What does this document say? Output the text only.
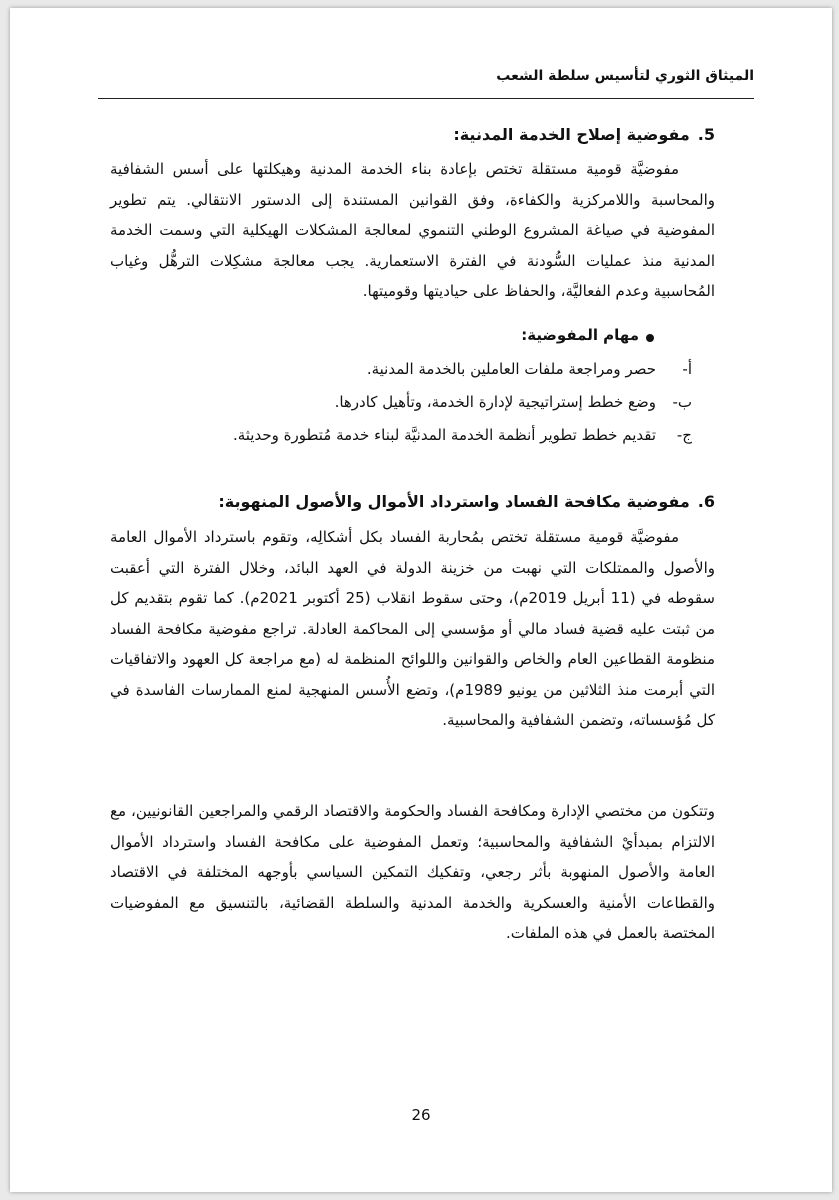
الميثاق الثوري لتأسيس سلطة الشعب
5.مفوضية إصلاح الخدمة المدنية:
مفوضيَّة قومية مستقلة تختص بإعادة بناء الخدمة المدنية وهيكلتها على أسس الشفافية والمحاسبة واللامركزية والكفاءة، وفق القوانين المستندة إلى الدستور الانتقالي. يتم تطوير المفوضية في صياغة المشروع الوطني التنموي لمعالجة المشكلات الهيكلية التي وسمت الخدمة المدنية منذ عمليات السُّودنة في الفترة الاستعمارية. يجب معالجة مشكِلات الترهُّل وغياب المُحاسبية وعدم الفعاليَّة، والحفاظ على حياديتها وقوميتها.
مهام المفوضية:
أ-حصر ومراجعة ملفات العاملين بالخدمة المدنية.
ب-وضع خطط إستراتيجية لإدارة الخدمة، وتأهيل كادرها.
ج-تقديم خطط تطوير أنظمة الخدمة المدنيَّة لبناء خدمة مُتطورة وحديثة.
6.مفوضية مكافحة الفساد واسترداد الأموال والأصول المنهوبة:
مفوضيَّة قومية مستقلة تختص بمُحاربة الفساد بكل أشكالِه، وتقوم باسترداد الأموال العامة والأصول والممتلكات التي نهبت من خزينة الدولة في العهد البائد، وخلال الفترة التي أعقبت سقوطه في (11 أبريل 2019م)، وحتى سقوط انقلاب (25 أكتوبر 2021م). كما تقوم بتقديم كل من ثبتت عليه قضية فساد مالي أو مؤسسي إلى المحاكمة العادلة. تراجع مفوضية مكافحة الفساد منظومة القطاعين العام والخاص والقوانين واللوائح المنظمة له (مع مراجعة كل العهود والاتفاقيات التي أبرمت منذ الثلاثين من يونيو 1989م)، وتضع الأُسس المنهجية لمنع الممارسات الفاسدة في كل مُؤسساته، وتضمن الشفافية والمحاسبية.
وتتكون من مختصي الإدارة ومكافحة الفساد والحكومة والاقتصاد الرقمي والمراجعين القانونيين، مع الالتزام بمبدأيْ الشفافية والمحاسبية؛ وتعمل المفوضية على مكافحة الفساد واسترداد الأموال العامة والأصول المنهوبة بأثر رجعي، وتفكيك التمكين السياسي بأوجهه المختلفة في الاقتصاد والقطاعات الأمنية والعسكرية والخدمة المدنية والسلطة القضائية، بالتنسيق مع المفوضيات المختصة بالعمل في هذه الملفات.
26
